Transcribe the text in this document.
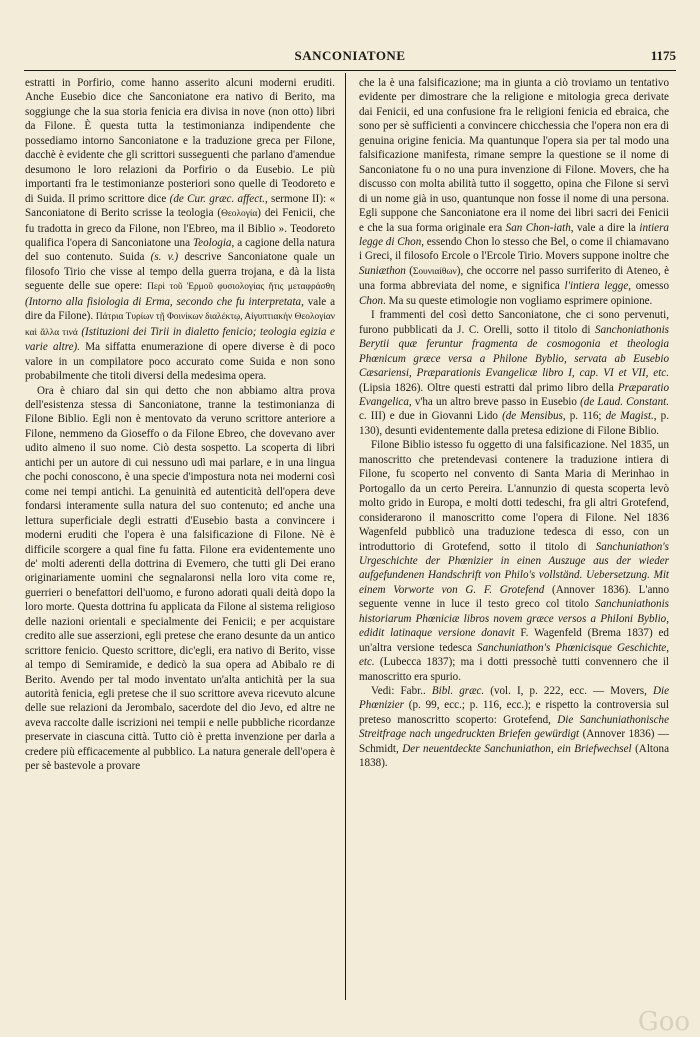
SANCONIATONE	1175

estratti in Porfirio, come hanno asserito alcuni moderni eruditi. Anche Eusebio dice che Sanconiatone era nativo di Berito, ma soggiunge che la sua storia fenicia era divisa in nove (non otto) libri da Filone. È questa tutta la testimonianza indipendente che possediamo intorno Sanconiatone e la traduzione greca per Filone, dacchè è evidente che gli scrittori susseguenti che parlano d'amendue desumono le loro relazioni da Porfirio o da Eusebio. Le più importanti fra le testimonianze posteriori sono quelle di Teodoreto e di Suida. Il primo scrittore dice (de Cur. græc. affect., sermone II): « Sanconiatone di Berito scrisse la teologia (Θεολογία) dei Fenicii, che fu tradotta in greco da Filone, non l'Ebreo, ma il Biblio ». Teodoreto qualifica l'opera di Sanconiatone una Teologia, a cagione della natura del suo contenuto. Suida (s. v.) descrive Sanconiatone quale un filosofo Tirio che visse al tempo della guerra trojana, e dà la lista seguente delle sue opere: Περὶ τοῦ Ἑρμοῦ φυσιολογίας ἥτις μεταφράσθη (Intorno alla fisiologia di Erma, secondo che fu interpretata, vale a dire da Filone). Πάτρια Τυρίων τῇ Φοινίκων διαλέκτῳ, Αἰγυπτιακὴν Θεολογίαν καὶ ἄλλα τινά (Istituzioni dei Tirii in dialetto fenicio; teologia egizia e varie altre). Ma siffatta enumerazione di opere diverse è di poco valore in un compilatore poco accurato come Suida e non sono probabilmente che titoli diversi della medesima opera.

Ora è chiaro dal sin qui detto che non abbiamo altra prova dell'esistenza stessa di Sanconiatone, tranne la testimonianza di Filone Biblio. Egli non è mentovato da veruno scrittore anteriore a Filone, nemmeno da Gioseffo o da Filone Ebreo, che dovevano aver udito almeno il suo nome. Ciò desta sospetto. La scoperta di libri antichi per un autore di cui nessuno udì mai parlare, e in una lingua che pochi conoscono, è una specie d'impostura nota nei moderni così come nei tempi antichi. La genuinità ed autenticità dell'opera deve fondarsi interamente sulla natura del suo contenuto; ed anche una lettura superficiale degli estratti d'Eusebio basta a convincere i moderni eruditi che l'opera è una falsificazione di Filone. Nè è difficile scorgere a qual fine fu fatta. Filone era evidentemente uno de' molti aderenti della dottrina di Evemero, che tutti gli Dei erano originariamente uomini che segnalaronsi nella loro vita come re, guerrieri o benefattori dell'uomo, e furono adorati quali deità dopo la loro morte. Questa dottrina fu applicata da Filone al sistema religioso delle nazioni orientali e specialmente dei Fenicii; e per acquistare credito alle sue asserzioni, egli pretese che erano desunte da un antico scrittore fenicio. Questo scrittore, dic'egli, era nativo di Berito, visse al tempo di Semiramide, e dedicò la sua opera ad Abibalo re di Berito. Avendo per tal modo inventato un'alta antichità per la sua autorità fenicia, egli pretese che il suo scrittore aveva ricevuto alcune delle sue relazioni da Jerombalo, sacerdote del dio Jevo, ed altre ne aveva raccolte dalle iscrizioni nei tempii e nelle pubbliche ricordanze preservate in ciascuna città. Tutto ciò è pretta invenzione per darla a credere più efficacemente al pubblico. La natura generale dell'opera è per sè bastevole a provare

che la è una falsificazione; ma in giunta a ciò troviamo un tentativo evidente per dimostrare che la religione e mitologia greca derivate dai Fenicii, ed una confusione fra le religioni fenicia ed ebraica, che sono per sè sufficienti a convincere chicchessia che l'opera non era di genuina origine fenicia. Ma quantunque l'opera sia per tal modo una falsificazione manifesta, rimane sempre la questione se il nome di Sanconiatone fu o no una pura invenzione di Filone. Movers, che ha discusso con molta abilità tutto il soggetto, opina che Filone si servì di un nome già in uso, quantunque non fosse il nome di una persona. Egli suppone che Sanconiatone era il nome dei libri sacri dei Fenicii e che la sua forma originale era San Chon-iath, vale a dire la intiera legge di Chon, essendo Chon lo stesso che Bel, o come il chiamavano i Greci, il filosofo Ercole o l'Ercole Tirio. Movers suppone inoltre che Suniæthon (Σουνιαίθων), che occorre nel passo surriferito di Ateneo, è una forma abbreviata del nome, e significa l'intiera legge, omesso Chon. Ma su queste etimologie non vogliamo esprimere opinione.

I frammenti del così detto Sanconiatone, che ci sono pervenuti, furono pubblicati da J. C. Orelli, sotto il titolo di Sanchoniathonis Berytii quæ feruntur fragmenta de cosmogonia et theologia Phœnicum græce versa a Philone Byblio, servata ab Eusebio Cæsariensi, Præparationis Evangelicæ libro I, cap. VI et VII, etc. (Lipsia 1826). Oltre questi estratti dal primo libro della Præparatio Evangelica, v'ha un altro breve passo in Eusebio (de Laud. Constant. c. III) e due in Giovanni Lido (de Mensibus, p. 116; de Magist., p. 130), desunti evidentemente dalla pretesa edizione di Filone Biblio.

Filone Biblio istesso fu oggetto di una falsificazione. Nel 1835, un manoscritto che pretendevasi contenere la traduzione intiera di Filone, fu scoperto nel convento di Santa Maria di Merinhao in Portogallo da un certo Pereira. L'annunzio di questa scoperta levò molto grido in Europa, e molti dotti tedeschi, fra gli altri Grotefend, considerarono il manoscritto come l'opera di Filone. Nel 1836 Wagenfeld pubblicò una traduzione tedesca di esso, con un introduttorio di Grotefend, sotto il titolo di Sanchuniathon's Urgeschichte der Phœnizier in einen Auszuge aus der wieder aufgefundenen Handschrift von Philo's vollständ. Uebersetzung. Mit einem Vorworte von G. F. Grotefend (Annover 1836). L'anno seguente venne in luce il testo greco col titolo Sanchuniathonis historiarum Phœniciæ libros novem græce versos a Philoni Byblio, edidit latinaque versione donavit F. Wagenfeld (Brema 1837) ed un'altra versione tedesca Sanchuniathon's Phœnicisque Geschichte, etc. (Lubecca 1837); ma i dotti pressochè tutti convennero che il manoscritto era spurio.

Vedi: Fabr.. Bibl. græc. (vol. I, p. 222, ecc. — Movers, Die Phœnizier (p. 99, ecc.; p. 116, ecc.); e rispetto la controversia sul preteso manoscritto scoperto: Grotefend, Die Sanchuniathonische Streitfrage nach ungedruckten Briefen gewürdigt (Annover 1836) — Schmidt, Der neuentdeckte Sanchuniathon, ein Briefwechsel (Altona 1838).

Goo
